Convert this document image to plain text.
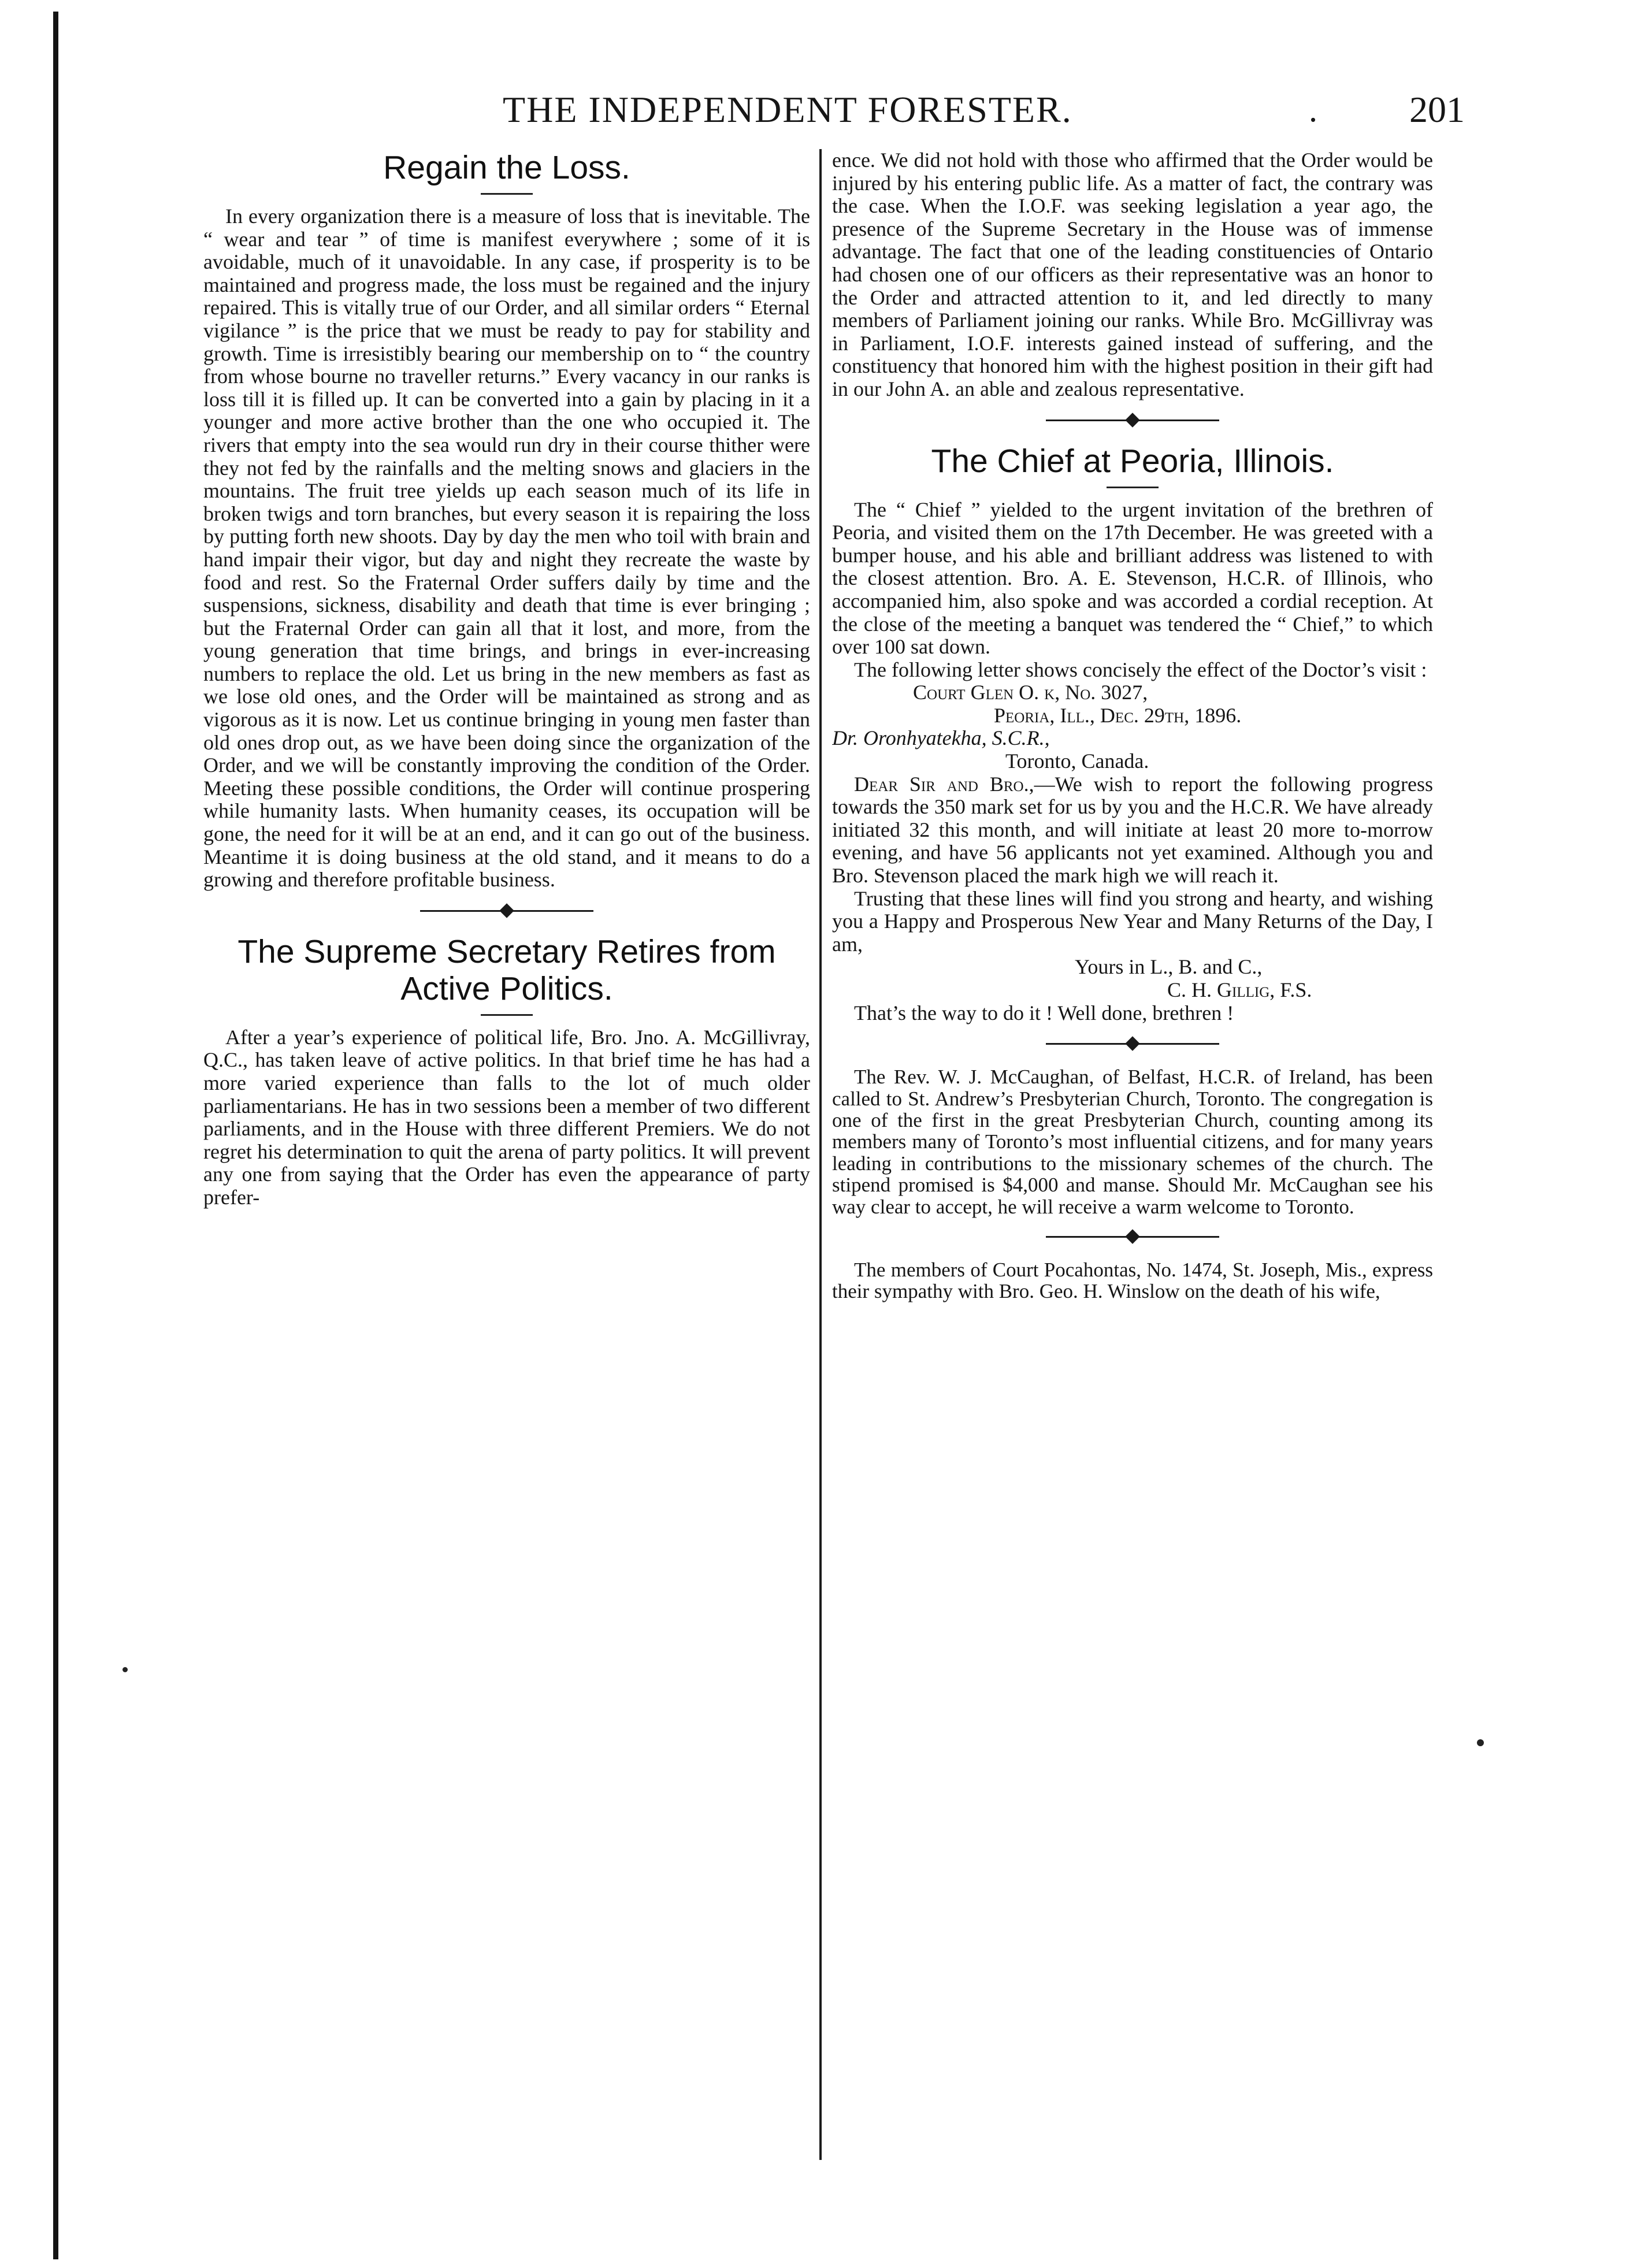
THE INDEPENDENT FORESTER.	. 201
Regain the Loss.

In every organization there is a measure of loss that is inevitable. The “ wear and tear ” of time is manifest everywhere ; some of it is avoidable, much of it unavoidable. In any case, if prosperity is to be maintained and progress made, the loss must be regained and the injury repaired. This is vitally true of our Order, and all similar orders “ Eternal vigilance ” is the price that we must be ready to pay for stability and growth. Time is irresistibly bearing our membership on to “ the country from whose bourne no traveller returns.” Every vacancy in our ranks is loss till it is filled up. It can be converted into a gain by placing in it a younger and more active brother than the one who occupied it. The rivers that empty into the sea would run dry in their course thither were they not fed by the rainfalls and the melting snows and glaciers in the mountains. The fruit tree yields up each season much of its life in broken twigs and torn branches, but every season it is repairing the loss by putting forth new shoots. Day by day the men who toil with brain and hand impair their vigor, but day and night they recreate the waste by food and rest. So the Fraternal Order suffers daily by time and the suspensions, sickness, disability and death that time is ever bringing ; but the Fraternal Order can gain all that it lost, and more, from the young generation that time brings, and brings in ever-increasing numbers to replace the old. Let us bring in the new members as fast as we lose old ones, and the Order will be maintained as strong and as vigorous as it is now. Let us continue bringing in young men faster than old ones drop out, as we have been doing since the organization of the Order, and we will be constantly improving the condition of the Order. Meeting these possible conditions, the Order will continue prospering while humanity lasts. When humanity ceases, its occupation will be gone, the need for it will be at an end, and it can go out of the business. Meantime it is doing business at the old stand, and it means to do a growing and therefore profitable business.

The Supreme Secretary Retires from Active Politics.

After a year’s experience of political life, Bro. Jno. A. McGillivray, Q.C., has taken leave of active politics. In that brief time he has had a more varied experience than falls to the lot of much older parliamentarians. He has in two sessions been a member of two different parliaments, and in the House with three different Premiers. We do not regret his determination to quit the arena of party politics. It will prevent any one from saying that the Order has even the appearance of party prefer-

ence. We did not hold with those who affirmed that the Order would be injured by his entering public life. As a matter of fact, the contrary was the case. When the I.O.F. was seeking legislation a year ago, the presence of the Supreme Secretary in the House was of immense advantage. The fact that one of the leading constituencies of Ontario had chosen one of our officers as their representative was an honor to the Order and attracted attention to it, and led directly to many members of Parliament joining our ranks. While Bro. McGillivray was in Parliament, I.O.F. interests gained instead of suffering, and the constituency that honored him with the highest position in their gift had in our John A. an able and zealous representative.

The Chief at Peoria, Illinois.

The “ Chief ” yielded to the urgent invitation of the brethren of Peoria, and visited them on the 17th December. He was greeted with a bumper house, and his able and brilliant address was listened to with the closest attention. Bro. A. E. Stevenson, H.C.R. of Illinois, who accompanied him, also spoke and was accorded a cordial reception. At the close of the meeting a banquet was tendered the “ Chief,” to which over 100 sat down.

The following letter shows concisely the effect of the Doctor’s visit :

Court Glen O. k, No. 3027,
Peoria, Ill., Dec. 29th, 1896.
Dr. Oronhyatekha, S.C.R.,
Toronto, Canada.

Dear Sir and Bro.,—We wish to report the following progress towards the 350 mark set for us by you and the H.C.R. We have already initiated 32 this month, and will initiate at least 20 more to-morrow evening, and have 56 applicants not yet examined. Although you and Bro. Stevenson placed the mark high we will reach it.

Trusting that these lines will find you strong and hearty, and wishing you a Happy and Prosperous New Year and Many Returns of the Day, I am,

Yours in L., B. and C.,
C. H. Gillig, F.S.

That’s the way to do it ! Well done, brethren !

The Rev. W. J. McCaughan, of Belfast, H.C.R. of Ireland, has been called to St. Andrew’s Presbyterian Church, Toronto. The congregation is one of the first in the great Presbyterian Church, counting among its members many of Toronto’s most influential citizens, and for many years leading in contributions to the missionary schemes of the church. The stipend promised is $4,000 and manse. Should Mr. McCaughan see his way clear to accept, he will receive a warm welcome to Toronto.

The members of Court Pocahontas, No. 1474, St. Joseph, Mis., express their sympathy with Bro. Geo. H. Winslow on the death of his wife,
